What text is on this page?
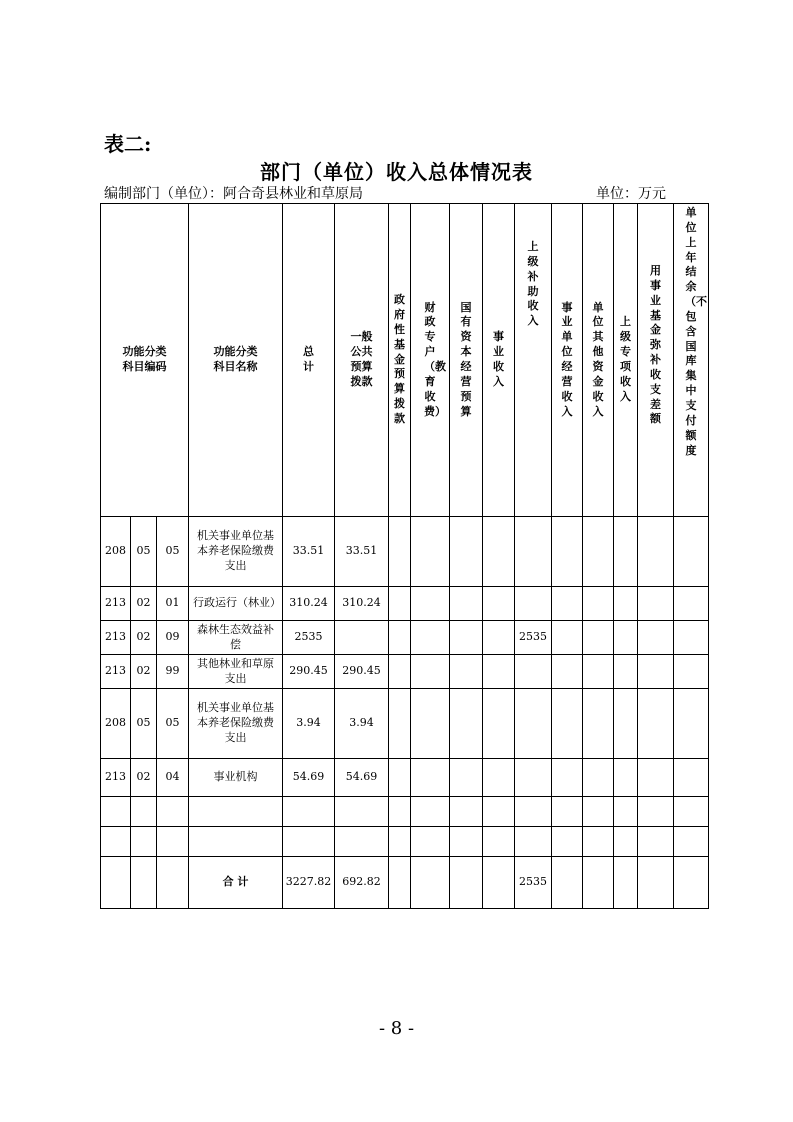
表二:
部门（单位）收入总体情况表
编制部门（单位）：阿合奇县林业和草原局	单位：万元
功能分类科目编码			功能分类科目名称	总计	一般公共预算拨款	政府性基金预算拨款	财政专户（教育收费）	国有资本经营预算	事业收入	上级补助收入	事业单位经营收入	单位其他资金收入	上级专项收入	用事业基金弥补收支差额	单位上年结余（不包含国库集中支付额度

208	05	05	机关事业单位基本养老保险缴费支出	33.51	33.51										
213	02	01	行政运行（林业）	310.24	310.24										
213	02	09	森林生态效益补偿	2535						2535					
213	02	99	其他林业和草原支出	290.45	290.45										
208	05	05	机关事业单位基本养老保险缴费支出	3.94	3.94										
213	02	04	事业机构	54.69	54.69										

			合 计	3227.82	692.82					2535					
- 8 -
